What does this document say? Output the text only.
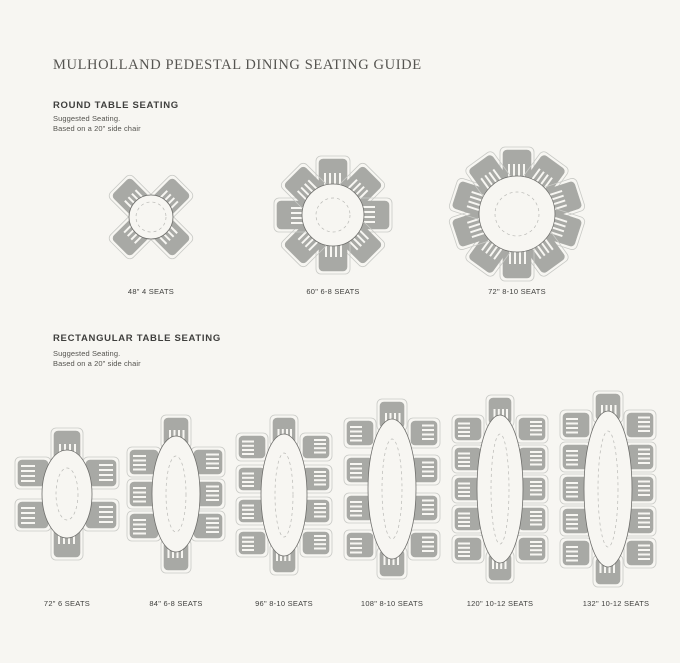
MULHOLLAND PEDESTAL DINING SEATING GUIDE
ROUND TABLE SEATING
Suggested Seating.
Based on a 20" side chair
48" 4 SEATS	60" 6-8 SEATS	72" 8-10 SEATS
RECTANGULAR TABLE SEATING
Suggested Seating.
Based on a 20" side chair
72" 6 SEATS	84" 6-8 SEATS	96" 8-10 SEATS	108" 8-10 SEATS	120" 10-12 SEATS	132" 10-12 SEATS
